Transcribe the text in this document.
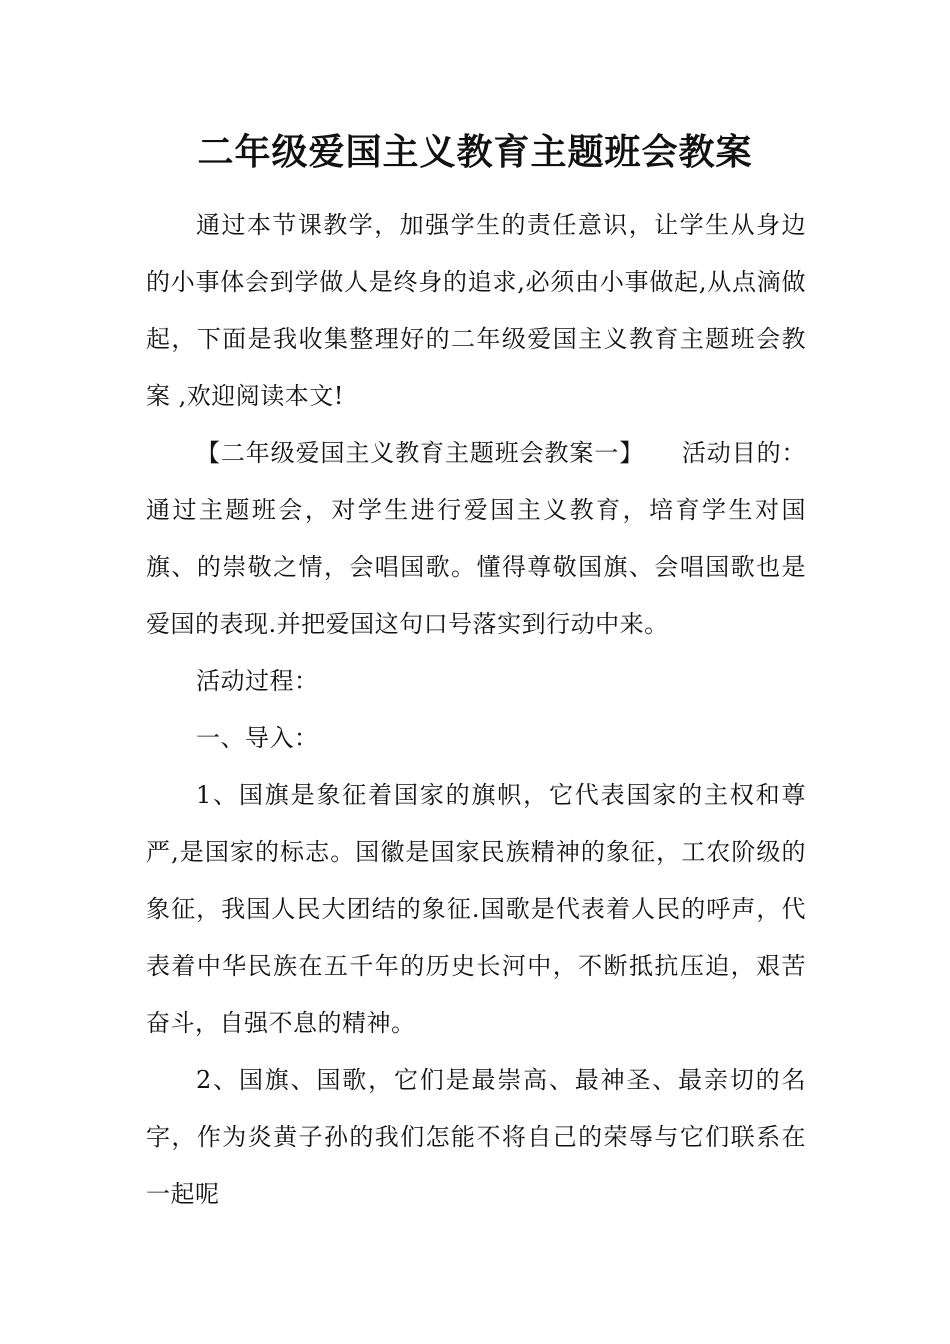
二年级爱国主义教育主题班会教案

通过本节课教学，加强学生的责任意识，让学生从身边的小事体会到学做人是终身的追求,必须由小事做起,从点滴做起，下面是我收集整理好的二年级爱国主义教育主题班会教案 ,欢迎阅读本文!

【二年级爱国主义教育主题班会教案一】　　活动目的：通过主题班会，对学生进行爱国主义教育，培育学生对国旗、的崇敬之情，会唱国歌。懂得尊敬国旗、会唱国歌也是爱国的表现.并把爱国这句口号落实到行动中来。

活动过程：

一、导入：

1、国旗是象征着国家的旗帜，它代表国家的主权和尊严,是国家的标志。国徽是国家民族精神的象征，工农阶级的象征，我国人民大团结的象征.国歌是代表着人民的呼声，代表着中华民族在五千年的历史长河中，不断抵抗压迫，艰苦奋斗，自强不息的精神。

2、国旗、国歌，它们是最崇高、最神圣、最亲切的名字，作为炎黄子孙的我们怎能不将自己的荣辱与它们联系在一起呢
